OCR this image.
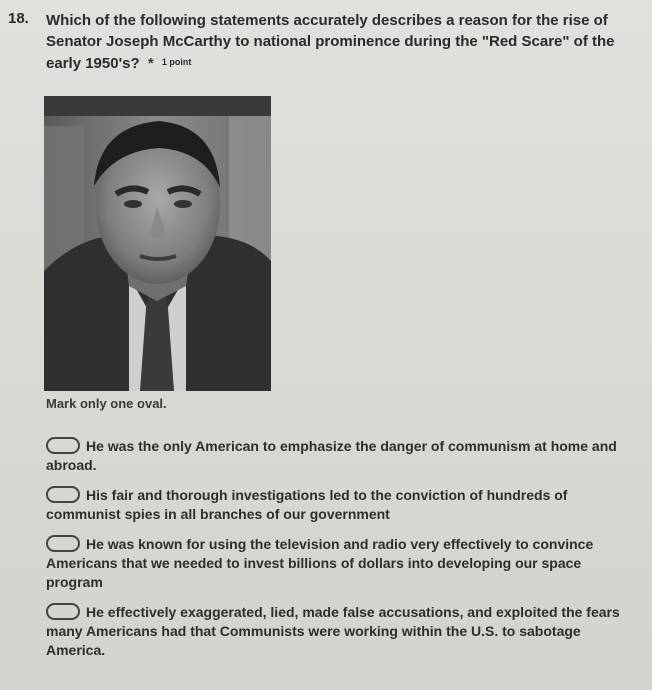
18. Which of the following statements accurately describes a reason for the rise of Senator Joseph McCarthy to national prominence during the "Red Scare" of the early 1950's? * $^{1 point}$
Mark only one oval.
He was the only American to emphasize the danger of communism at home and abroad.
His fair and thorough investigations led to the conviction of hundreds of communist spies in all branches of our government
He was known for using the television and radio very effectively to convince Americans that we needed to invest billions of dollars into developing our space program
He effectively exaggerated, lied, made false accusations, and exploited the fears many Americans had that Communists were working within the U.S. to sabotage America.
